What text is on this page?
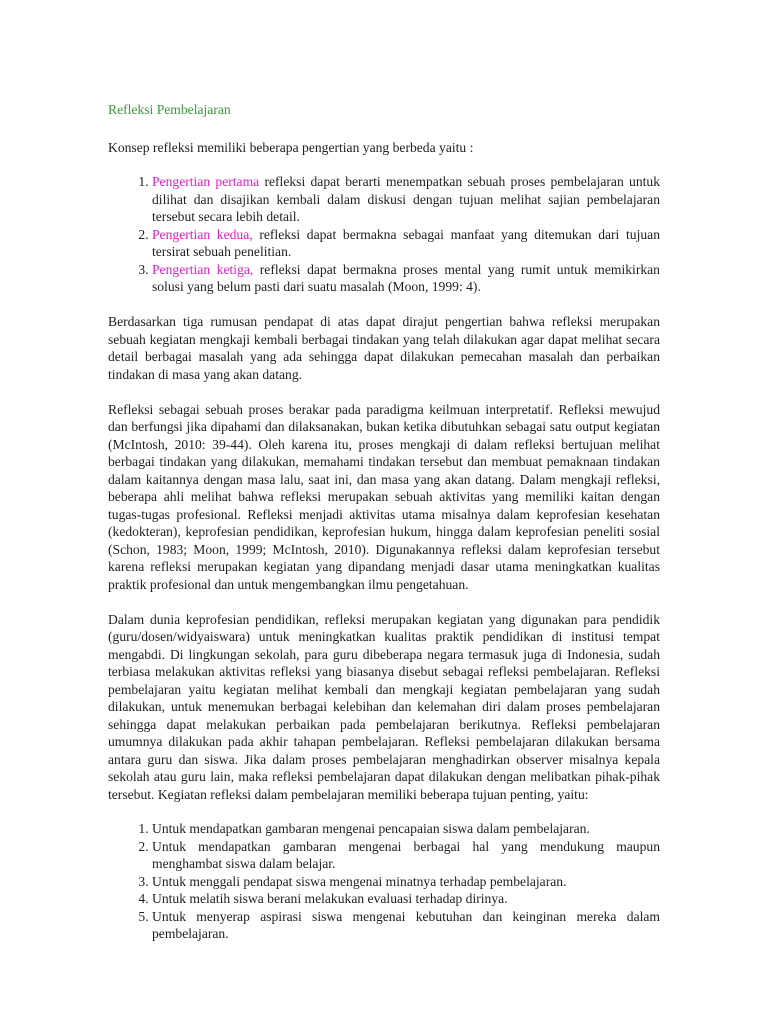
Refleksi Pembelajaran

Konsep refleksi memiliki beberapa pengertian yang berbeda yaitu :

1. Pengertian pertama refleksi dapat berarti menempatkan sebuah proses pembelajaran untuk dilihat dan disajikan kembali dalam diskusi dengan tujuan melihat sajian pembelajaran tersebut secara lebih detail.
2. Pengertian kedua, refleksi dapat bermakna sebagai manfaat yang ditemukan dari tujuan tersirat sebuah penelitian.
3. Pengertian ketiga, refleksi dapat bermakna proses mental yang rumit untuk memikirkan solusi yang belum pasti dari suatu masalah (Moon, 1999: 4).

Berdasarkan tiga rumusan pendapat di atas dapat dirajut pengertian bahwa refleksi merupakan sebuah kegiatan mengkaji kembali berbagai tindakan yang telah dilakukan agar dapat melihat secara detail berbagai masalah yang ada sehingga dapat dilakukan pemecahan masalah dan perbaikan tindakan di masa yang akan datang.

Refleksi sebagai sebuah proses berakar pada paradigma keilmuan interpretatif. Refleksi mewujud dan berfungsi jika dipahami dan dilaksanakan, bukan ketika dibutuhkan sebagai satu output kegiatan (McIntosh, 2010: 39-44). Oleh karena itu, proses mengkaji di dalam refleksi bertujuan melihat berbagai tindakan yang dilakukan, memahami tindakan tersebut dan membuat pemaknaan tindakan dalam kaitannya dengan masa lalu, saat ini, dan masa yang akan datang. Dalam mengkaji refleksi, beberapa ahli melihat bahwa refleksi merupakan sebuah aktivitas yang memiliki kaitan dengan tugas-tugas profesional. Refleksi menjadi aktivitas utama misalnya dalam keprofesian kesehatan (kedokteran), keprofesian pendidikan, keprofesian hukum, hingga dalam keprofesian peneliti sosial (Schon, 1983; Moon, 1999; McIntosh, 2010). Digunakannya refleksi dalam keprofesian tersebut karena refleksi merupakan kegiatan yang dipandang menjadi dasar utama meningkatkan kualitas praktik profesional dan untuk mengembangkan ilmu pengetahuan.

Dalam dunia keprofesian pendidikan, refleksi merupakan kegiatan yang digunakan para pendidik (guru/dosen/widyaiswara) untuk meningkatkan kualitas praktik pendidikan di institusi tempat mengabdi. Di lingkungan sekolah, para guru dibeberapa negara termasuk juga di Indonesia, sudah terbiasa melakukan aktivitas refleksi yang biasanya disebut sebagai refleksi pembelajaran. Refleksi pembelajaran yaitu kegiatan melihat kembali dan mengkaji kegiatan pembelajaran yang sudah dilakukan, untuk menemukan berbagai kelebihan dan kelemahan diri dalam proses pembelajaran sehingga dapat melakukan perbaikan pada pembelajaran berikutnya. Refleksi pembelajaran umumnya dilakukan pada akhir tahapan pembelajaran. Refleksi pembelajaran dilakukan bersama antara guru dan siswa. Jika dalam proses pembelajaran menghadirkan observer misalnya kepala sekolah atau guru lain, maka refleksi pembelajaran dapat dilakukan dengan melibatkan pihak-pihak tersebut. Kegiatan refleksi dalam pembelajaran memiliki beberapa tujuan penting, yaitu:

1. Untuk mendapatkan gambaran mengenai pencapaian siswa dalam pembelajaran.
2. Untuk mendapatkan gambaran mengenai berbagai hal yang mendukung maupun menghambat siswa dalam belajar.
3. Untuk menggali pendapat siswa mengenai minatnya terhadap pembelajaran.
4. Untuk melatih siswa berani melakukan evaluasi terhadap dirinya.
5. Untuk menyerap aspirasi siswa mengenai kebutuhan dan keinginan mereka dalam pembelajaran.
